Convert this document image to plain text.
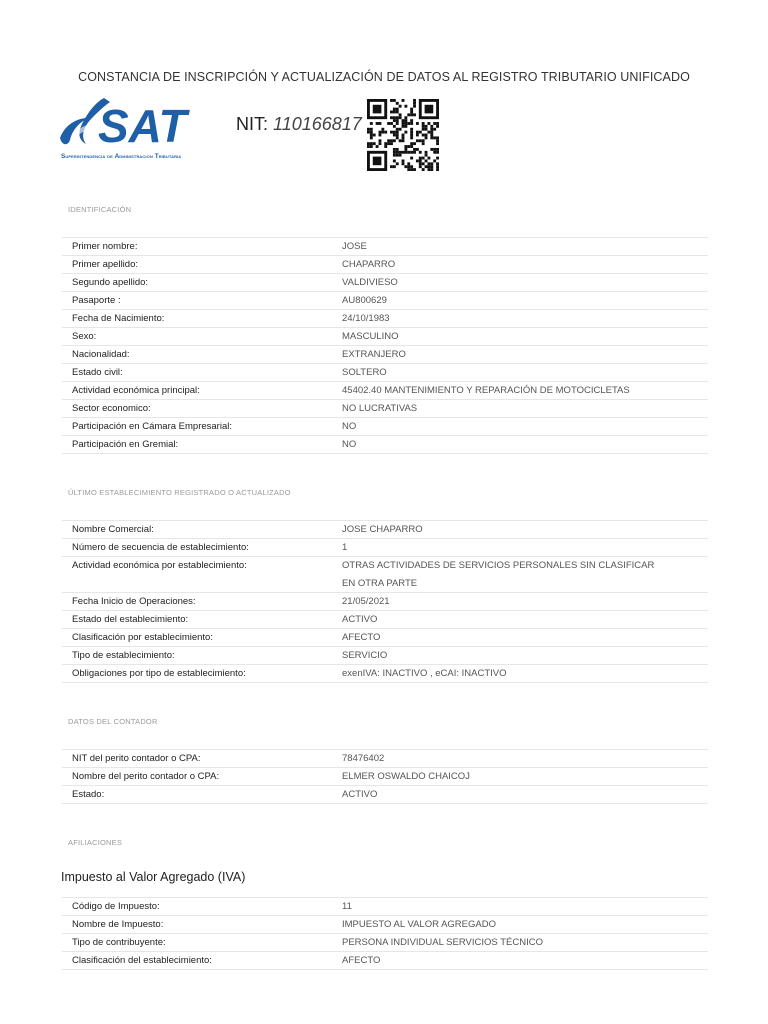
CONSTANCIA DE INSCRIPCIÓN Y ACTUALIZACIÓN DE DATOS AL REGISTRO TRIBUTARIO UNIFICADO
SAT
Superintendencia de Administracion Tributaria
NIT: 110166817
IDENTIFICACIÓN
Primer nombre:	JOSE
Primer apellido:	CHAPARRO
Segundo apellido:	VALDIVIESO
Pasaporte :	AU800629
Fecha de Nacimiento:	24/10/1983
Sexo:	MASCULINO
Nacionalidad:	EXTRANJERO
Estado civil:	SOLTERO
Actividad económica principal:	45402.40 MANTENIMIENTO Y REPARACIÓN DE MOTOCICLETAS
Sector economico:	NO LUCRATIVAS
Participación en Cámara Empresarial:	NO
Participación en Gremial:	NO
ÚLTIMO ESTABLECIMIENTO REGISTRADO O ACTUALIZADO
Nombre Comercial:	JOSE CHAPARRO
Número de secuencia de establecimiento:	1
Actividad económica por establecimiento:	OTRAS ACTIVIDADES DE SERVICIOS PERSONALES SIN CLASIFICAR
EN OTRA PARTE
Fecha Inicio de Operaciones:	21/05/2021
Estado del establecimiento:	ACTIVO
Clasificación por establecimiento:	AFECTO
Tipo de establecimiento:	SERVICIO
Obligaciones por tipo de establecimiento:	exenIVA: INACTIVO , eCAI: INACTIVO
DATOS DEL CONTADOR
NIT del perito contador o CPA:	78476402
Nombre del perito contador o CPA:	ELMER OSWALDO CHAICOJ
Estado:	ACTIVO
AFILIACIONES
Impuesto al Valor Agregado (IVA)
Código de Impuesto:	11
Nombre de Impuesto:	IMPUESTO AL VALOR AGREGADO
Tipo de contribuyente:	PERSONA INDIVIDUAL SERVICIOS TÉCNICO
Clasificación del establecimiento:	AFECTO
